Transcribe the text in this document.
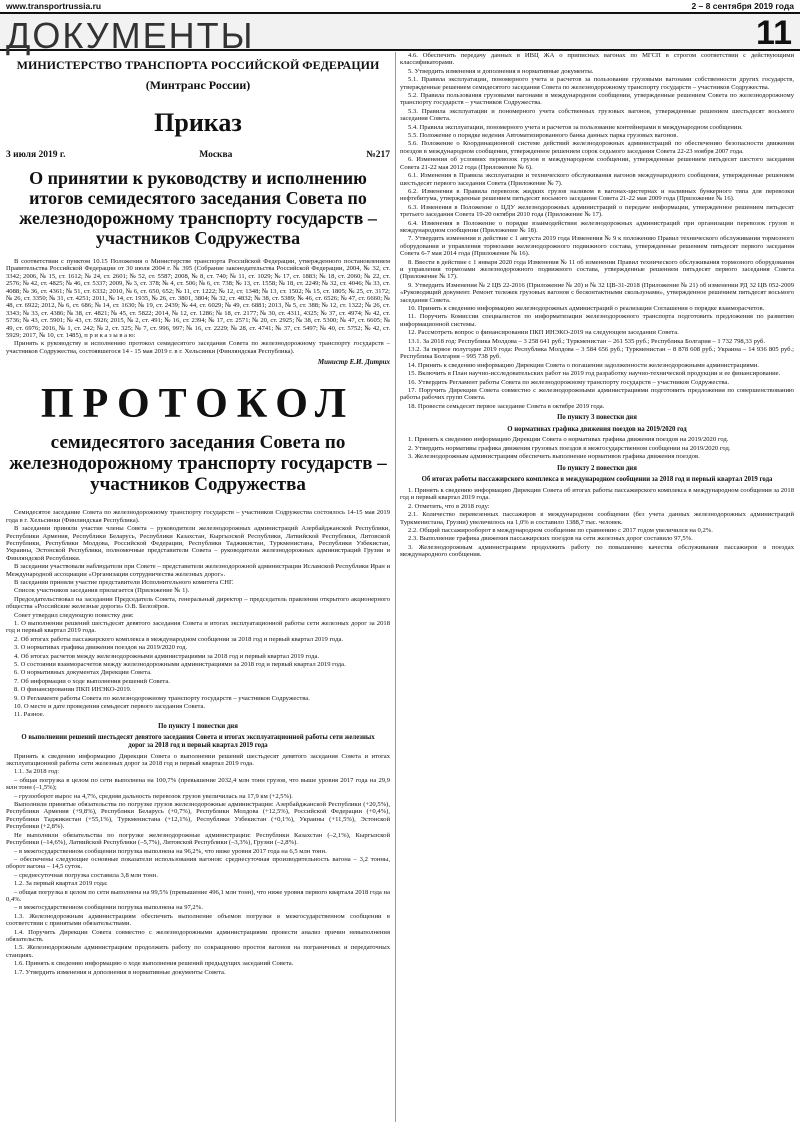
www.transportrussia.ru	2 – 8 сентября 2019 года
ДОКУМЕНТЫ	11
МИНИСТЕРСТВО ТРАНСПОРТА РОССИЙСКОЙ ФЕДЕРАЦИИ
(Минтранс России)
Приказ
3 июля 2019 г.	Москва	№217
О принятии к руководству и исполнению итогов семидесятого заседания Совета по железнодорожному транспорту государств – участников Содружества

В соответствии с пунктом 10.15 Положения о Министерстве транспорта Российской Федерации, утвержденного постановлением Правительства Российской Федерации от 30 июля 2004 г. № 395 (Собрание законодательства Российской Федерации, 2004, № 32, ст. 3342; 2006, № 15, ст. 1612; № 24, ст. 2601; № 52, ст. 5587; 2008, № 8, ст. 740; № 11, ст. 1029; № 17, ст. 1883; № 18, ст. 2060; № 22, ст. 2576; № 42, ст. 4825; № 46, ст. 5337; 2009, № 3, ст. 378; № 4, ст. 506; № 6, ст. 738; № 13, ст. 1558; № 18, ст. 2249; № 32, ст. 4046; № 33, ст. 4088; № 36, ст. 4361; № 51, ст. 6332; 2010, № 6, ст. 650, 652; № 11, ст. 1222; № 12, ст. 1348; № 13, ст. 1502; № 15, ст. 1805; № 25, ст. 3172; № 26, ст. 3350; № 31, ст. 4251; 2011, № 14, ст. 1935, № 26, ст. 3801, 3804; № 32, ст. 4832; № 38, ст. 5389; № 46, ст. 6526; № 47, ст. 6660; № 48, ст. 6922; 2012, № 6, ст. 686; № 14, ст. 1630; № 19, ст. 2439; № 44, ст. 6029; № 49, ст. 6881; 2013, № 5, ст. 388; № 12, ст. 1322; № 26, ст. 3343; № 33, ст. 4386; № 38, ст. 4821; № 45, ст. 5822; 2014, № 12, ст. 1286; № 18, ст. 2177; № 30, ст. 4311, 4325; № 37, ст. 4974; № 42, ст. 5736; № 43, ст. 5901; № 43, ст. 5926; 2015, № 2, ст. 491; № 16, ст. 2394; № 17, ст. 2571; № 20, ст. 2925; № 38, ст. 5300; № 47, ст. 6605; № 49, ст. 6976; 2016, № 1, ст. 242; № 2, ст. 325; № 7, ст. 996, 997; № 16, ст. 2229; № 28, ст. 4741; № 37, ст. 5497; № 40, ст. 5752; № 42, ст. 5929; 2017, № 10, ст. 1485), п р и к а з ы в а ю:

Принять к руководству и исполнению протокол семидесятого заседания Совета по железнодорожному транспорту государств – участников Содружества, состоявшегося 14 - 15 мая 2019 г. в г. Хельсинки (Финляндская Республика).

Министр Е.И. Дитрих
ПРОТОКОЛ
семидесятого заседания Совета по железнодорожному транспорту государств – участников Содружества

Семидесятое заседание Совета по железнодорожному транспорту государств – участников Содружества состоялось 14-15 мая 2019 года в г. Хельсинки (Финляндская Республика).

В заседании приняли участие члены Совета – руководители железнодорожных администраций Азербайджанской Республики, Республики Армения, Республики Беларусь, Республики Казахстан, Кыргызской Республики, Латвийской Республики, Литовской Республики, Республики Молдова, Российской Федерации, Республики Таджикистан, Туркменистана, Республики Узбекистан, Украины, Эстонской Республики, полномочные представители Совета – руководители железнодорожных администраций Грузии и Финляндской Республики.

В заседании участвовали наблюдатели при Совете – представители железнодорожной администрации Исламской Республики Иран и Международной ассоциации «Организация сотрудничества железных дорог».

В заседании приняли участие представители Исполнительного комитета СНГ.

Список участников заседания прилагается (Приложение № 1).

Председательствовал на заседании Председатель Совета, генеральный директор – председатель правления открытого акционерного общества «Российские железные дороги» О.В. Белозёров.

Совет утвердил следующую повестку дня:

1. О выполнении решений шестьдесят девятого заседания Совета и итогах эксплуатационной работы сети железных дорог за 2018 год и первый квартал 2019 года.

2. Об итогах работы пассажирского комплекса в международном сообщении за 2018 год и первый квартал 2019 года.

3. О нормативах графика движения поездов на 2019/2020 год.

4. Об итогах расчетов между железнодорожными администрациями за 2018 год и первый квартал 2019 года.

5. О состоянии взаиморасчетов между железнодорожными администрациями за 2018 год и первый квартал 2019 года.

6. О нормативных документах Дирекции Совета.

7. Об информации о ходе выполнения решений Совета.

8. О финансировании ПКП ИНЭКО-2019.

9. О Регламенте работы Совета по железнодорожному транспорту государств – участников Содружества.

10. О месте и дате проведения семьдесят первого заседания Совета.

11. Разное.

По пункту 1 повестки дня
О выполнении решений шестьдесят девятого заседания Совета и итогах эксплуатационной работы сети железных дорог за 2018 год и первый квартал 2019 года

Принять к сведению информацию Дирекции Совета о выполнении решений шестьдесят девятого заседания Совета и итогах эксплуатационной работы сети железных дорог за 2018 год и первый квартал 2019 года.

1.1. За 2018 год:

– общая погрузка в целом по сети выполнена на 100,7% (превышение 2032,4 млн тонн грузов, что выше уровня 2017 года на 29,9 млн тонн (–1,5%);

– грузооборот вырос на 4,7%, средняя дальность перевозок грузов увеличилась на 17,9 км (+2,5%).

Выполнили принятые обязательства по погрузке грузов железнодорожные администрации: Азербайджанской Республики (+20,5%), Республики Армения (+9,8%), Республики Беларусь (+0,7%), Республики Молдова (+12,5%), Российской Федерации (+0,4%), Республики Таджикистан (+55,1%), Туркменистана (+12,1%), Республики Узбекистан (+0,1%), Украины (+11,5%), Эстонской Республики (+2,8%).

Не выполнили обязательства по погрузке железнодорожные администрации: Республики Казахстан (–2,1%), Кыргызской Республики (–14,6%), Латвийской Республики (–5,7%), Литовской Республики (–3,3%), Грузии (–2,8%).

– в межгосударственном сообщении погрузка выполнена на 96,2%, что ниже уровня 2017 года на 6,5 млн тонн.

– обеспечены следующие основные показатели использования вагонов: среднесуточная производительность вагона – 3,2 тонны, оборот вагона – 14,5 суток.

– среднесуточная погрузка составила 3,8 млн тонн.

1.2. За первый квартал 2019 года:

– общая погрузка в целом по сети выполнена на 99,5% (превышение 496,1 млн тонн), что ниже уровня первого квартала 2018 года на 0,4%.

– в межгосударственном сообщении погрузка выполнена на 97,2%.

1.3. Железнодорожным администрациям обеспечить выполнение объемов погрузки в межгосударственном сообщении в соответствии с принятыми обязательствами.

1.4. Поручить Дирекции Совета совместно с железнодорожными администрациями провести анализ причин невыполнения обязательств.

1.5. Железнодорожным администрациям продолжить работу по сокращению простоя вагонов на пограничных и передаточных станциях.

1.6. Принять к сведению информацию о ходе выполнения решений предыдущих заседаний Совета.

1.7. Утвердить изменения и дополнения в нормативные документы Совета.

4.6. Обеспечить передачу данных в ИВЦ ЖА о приписных вагонах по МГСП в строгом соответствии с действующими классификаторами.

5. Утвердить изменения и дополнения в нормативные документы.

5.1. Правила эксплуатации, пономерного учета и расчетов за пользование грузовыми вагонами собственности других государств, утвержденные решением семидесятого заседания Совета по железнодорожному транспорту государств – участников Содружества.

5.2. Правила пользования грузовыми вагонами в международном сообщении, утвержденные решением Совета по железнодорожному транспорту государств – участников Содружества.

5.3. Правила эксплуатации и пономерного учета собственных грузовых вагонов, утвержденные решением шестьдесят восьмого заседания Совета.

5.4. Правила эксплуатации, пономерного учета и расчетов за пользование контейнерами в международном сообщении.

5.5. Положение о порядке ведения Автоматизированного банка данных парка грузовых вагонов.

5.6. Положение о Координационной системе действий железнодорожных администраций по обеспечению безопасности движения поездов в международном сообщении, утвержденное решением сорок седьмого заседания Совета 22-23 ноября 2007 года.

6. Изменения об условиях перевозок грузов в международном сообщении, утвержденные решением пятьдесят шестого заседания Совета 21-22 мая 2012 года (Приложение № 6).

6.1. Изменения в Правила эксплуатации и технического обслуживания вагонов международного сообщения, утвержденные решением шестьдесят первого заседания Совета (Приложение № 7).

6.2. Изменения в Правила перевозок жидких грузов наливом в вагонах-цистернах и наливных бункерного типа для перевозки нефтебитума, утвержденные решением пятьдесят восьмого заседания Совета 21-22 мая 2009 года (Приложение № 16).

6.3. Изменения в Положение о ЦДУ железнодорожных администраций о передаче информации, утвержденное решением пятьдесят третьего заседания Совета 19-20 октября 2010 года (Приложение № 17).

6.4. Изменения в Положение о порядке взаимодействия железнодорожных администраций при организации перевозок грузов в международном сообщении (Приложение № 18).

7. Утвердить изменения в действие с 1 августа 2019 года Изменения № 9 к положению Правил технического обслуживания тормозного оборудования и управления тормозами железнодорожного подвижного состава, утвержденные решением пятьдесят первого заседания Совета 6-7 мая 2014 года (Приложение № 16).

8. Ввести в действие с 1 января 2020 года Изменения № 11 об изменении Правил технического обслуживания тормозного оборудования и управления тормозами железнодорожного подвижного состава, утвержденные решением пятьдесят первого заседания Совета (Приложение № 17).

9. Утвердить Изменения № 2 ЦВ 22-2016 (Приложение № 20) и № 32 ЦВ-31-2018 (Приложение № 21) об изменении РД 32 ЦВ 052-2009 «Руководящий документ. Ремонт тележек грузовых вагонов с бесконтактными скользунами», утвержденное решением пятьдесят восьмого заседания Совета.

10. Принять к сведению информацию железнодорожных администраций о реализации Соглашения о порядке взаиморасчетов.

11. Поручить Комиссии специалистов по информатизации железнодорожного транспорта подготовить предложения по развитию информационной системы.

12. Рассмотреть вопрос о финансировании ПКП ИНЭКО-2019 на следующем заседании Совета.

13.1. За 2018 год: Республика Молдова – 3 258 641 руб.; Туркменистан – 261 535 руб.; Республика Болгария – 1 732 798,33 руб.

13.2. За первое полугодие 2019 года: Республика Молдова – 3 584 656 руб.; Туркменистан – 8 878 608 руб.; Украина – 14 936 805 руб.; Республика Болгария – 995 738 руб.

14. Принять к сведению информацию Дирекции Совета о погашении задолженности железнодорожными администрациями.

15. Включить в План научно-исследовательских работ на 2019 год разработку научно-технической продукции и ее финансирование.

16. Утвердить Регламент работы Совета по железнодорожному транспорту государств – участников Содружества.

17. Поручить Дирекции Совета совместно с железнодорожными администрациями подготовить предложения по совершенствованию работы рабочих групп Совета.

18. Провести семьдесят первое заседание Совета в октябре 2019 года.

По пункту 3 повестки дня
О нормативах графика движения поездов на 2019/2020 год

1. Принять к сведению информацию Дирекции Совета о нормативах графика движения поездов на 2019/2020 год.

2. Утвердить нормативы графика движения грузовых поездов в межгосударственном сообщении на 2019/2020 год.

3. Железнодорожным администрациям обеспечить выполнение нормативов графика движения поездов.

По пункту 2 повестки дня
Об итогах работы пассажирского комплекса в международном сообщении за 2018 год и первый квартал 2019 года

1. Принять к сведению информацию Дирекции Совета об итогах работы пассажирского комплекса в международном сообщении за 2018 год и первый квартал 2019 года.

2. Отметить, что в 2018 году:

2.1. Количество перевезенных пассажиров в международном сообщении (без учета данных железнодорожных администраций Туркменистана, Грузии) увеличилось на 1,0% и составило 1388,7 тыс. человек.

2.2. Общий пассажирооборот в международном сообщении по сравнению с 2017 годом увеличился на 0,2%.

2.3. Выполнение графика движения пассажирских поездов на сети железных дорог составило 97,5%.

3. Железнодорожным администрациям продолжить работу по повышению качества обслуживания пассажиров в поездах международного сообщения.
